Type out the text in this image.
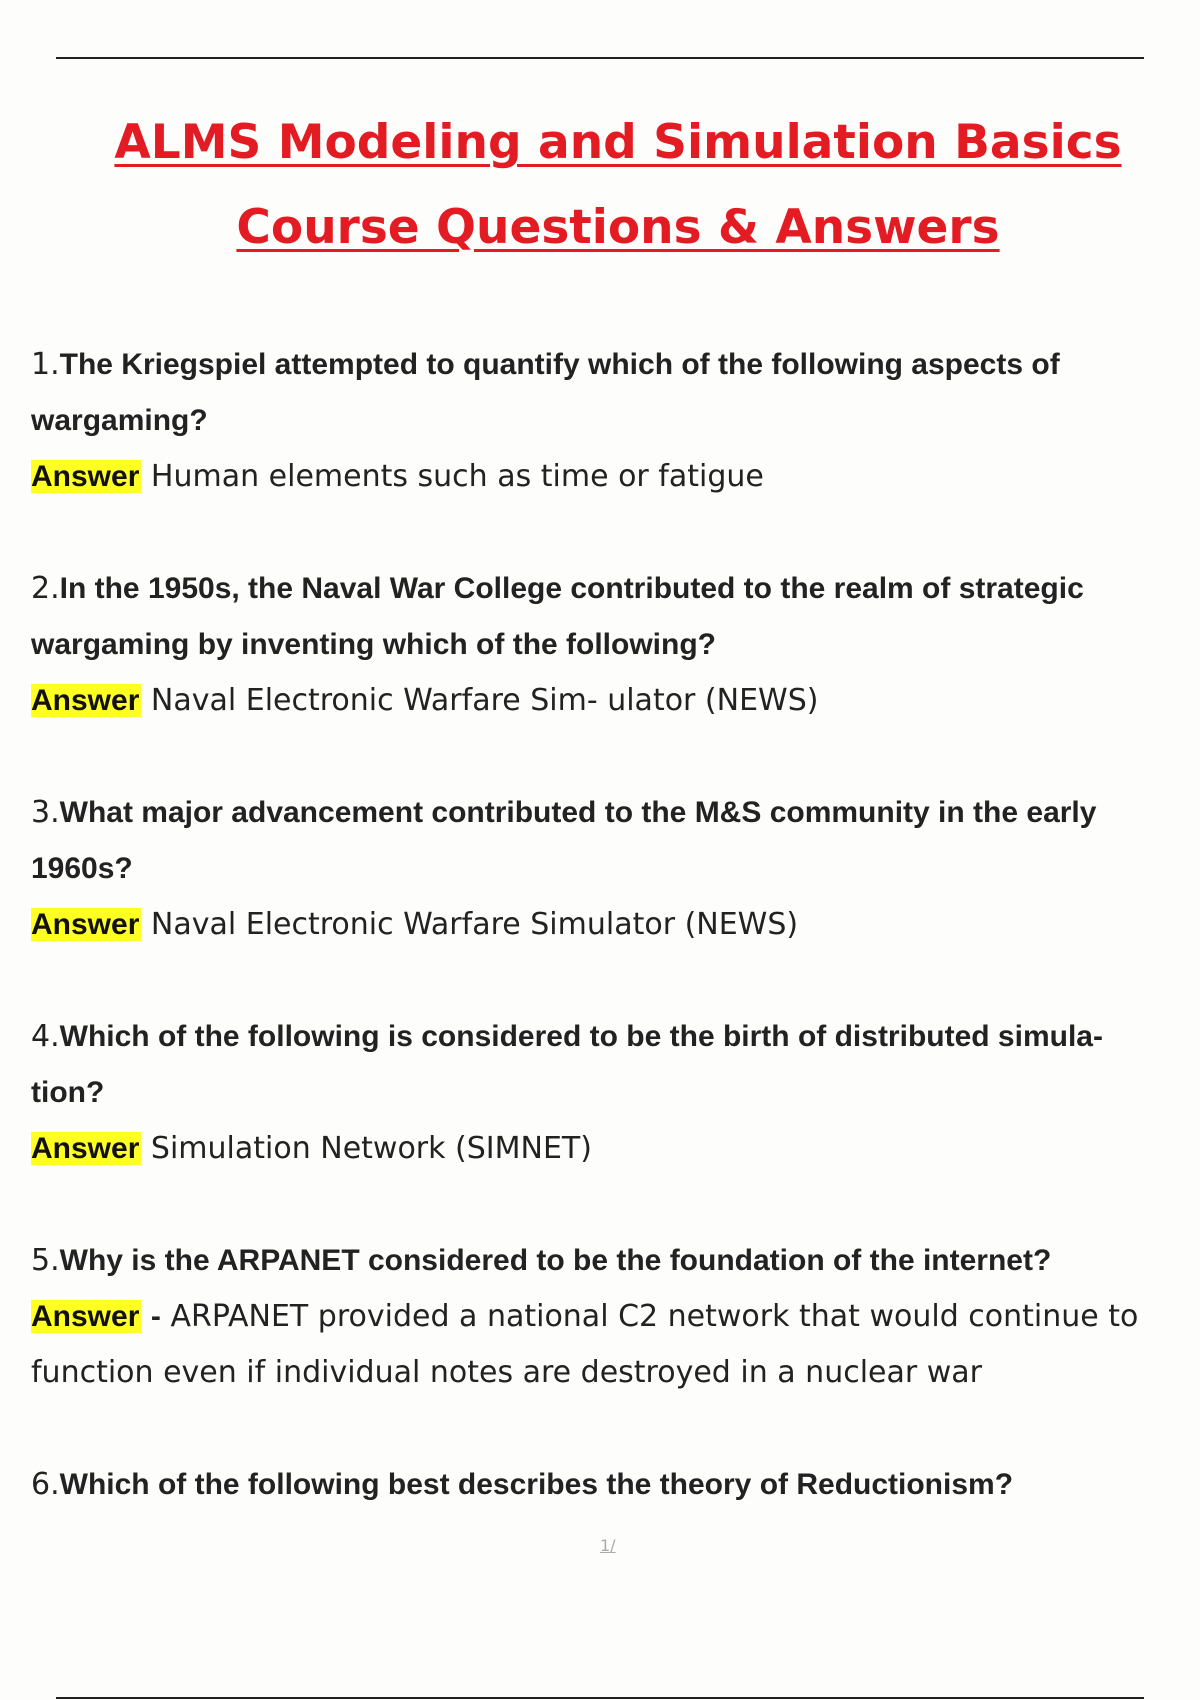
ALMS Modeling and Simulation Basics
Course Questions & Answers
1.The Kriegspiel attempted to quantify which of the following aspects of wargaming?
Answer Human elements such as time or fatigue
2.In the 1950s, the Naval War College contributed to the realm of strategic wargaming by inventing which of the following?
Answer Naval Electronic Warfare Sim- ulator (NEWS)
3.What major advancement contributed to the M&S community in the early 1960s?
Answer Naval Electronic Warfare Simulator (NEWS)
4.Which of the following is considered to be the birth of distributed simula- tion?
Answer Simulation Network (SIMNET)
5.Why is the ARPANET considered to be the foundation of the internet?
Answer - ARPANET provided a national C2 network that would continue to function even if individual notes are destroyed in a nuclear war
6.Which of the following best describes the theory of Reductionism?
1/
